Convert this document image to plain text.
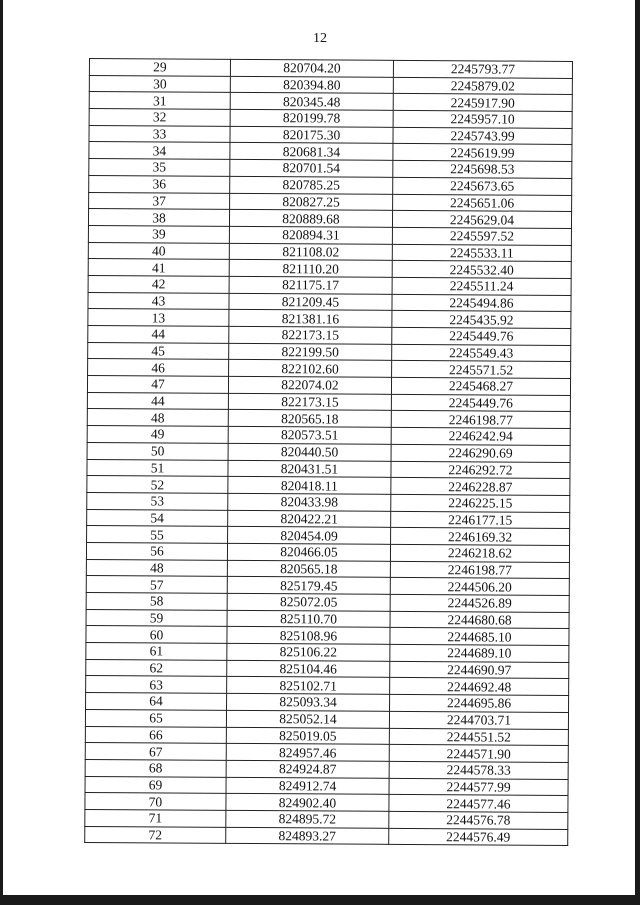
12
29	820704.20	2245793.77
30	820394.80	2245879.02
31	820345.48	2245917.90
32	820199.78	2245957.10
33	820175.30	2245743.99
34	820681.34	2245619.99
35	820701.54	2245698.53
36	820785.25	2245673.65
37	820827.25	2245651.06
38	820889.68	2245629.04
39	820894.31	2245597.52
40	821108.02	2245533.11
41	821110.20	2245532.40
42	821175.17	2245511.24
43	821209.45	2245494.86
13	821381.16	2245435.92
44	822173.15	2245449.76
45	822199.50	2245549.43
46	822102.60	2245571.52
47	822074.02	2245468.27
44	822173.15	2245449.76
48	820565.18	2246198.77
49	820573.51	2246242.94
50	820440.50	2246290.69
51	820431.51	2246292.72
52	820418.11	2246228.87
53	820433.98	2246225.15
54	820422.21	2246177.15
55	820454.09	2246169.32
56	820466.05	2246218.62
48	820565.18	2246198.77
57	825179.45	2244506.20
58	825072.05	2244526.89
59	825110.70	2244680.68
60	825108.96	2244685.10
61	825106.22	2244689.10
62	825104.46	2244690.97
63	825102.71	2244692.48
64	825093.34	2244695.86
65	825052.14	2244703.71
66	825019.05	2244551.52
67	824957.46	2244571.90
68	824924.87	2244578.33
69	824912.74	2244577.99
70	824902.40	2244577.46
71	824895.72	2244576.78
72	824893.27	2244576.49
